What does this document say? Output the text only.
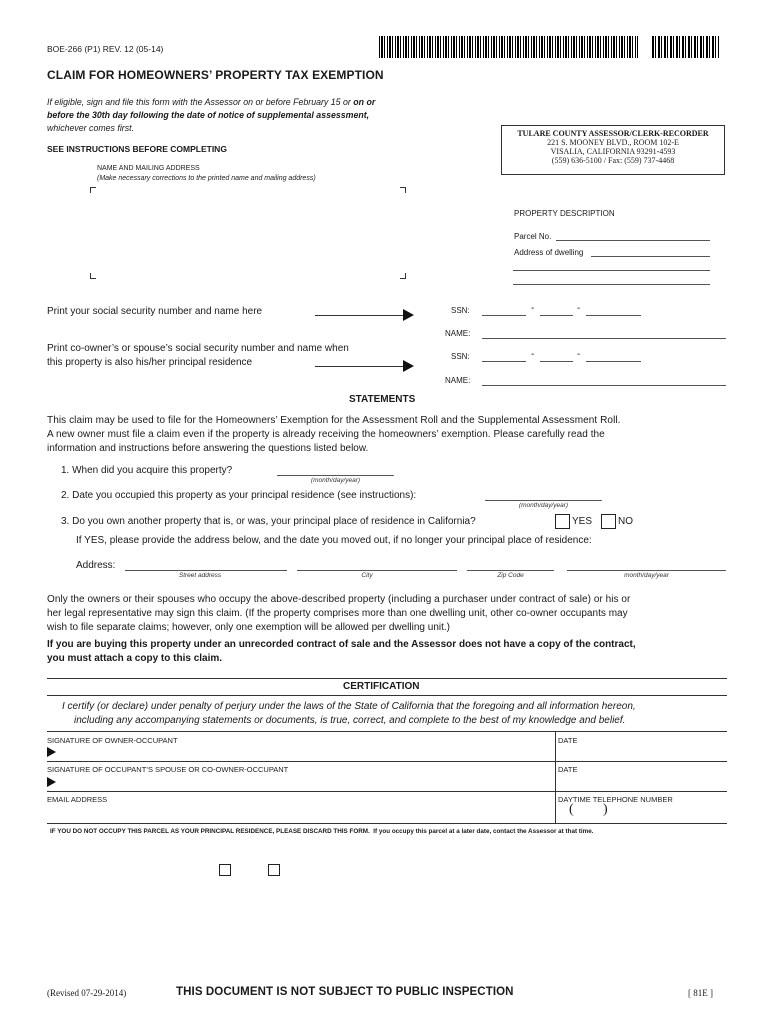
BOE-266 (P1) REV. 12 (05-14)
CLAIM FOR HOMEOWNERS’ PROPERTY TAX EXEMPTION
If eligible, sign and file this form with the Assessor on or before February 15 or on or
before the 30th day following the date of notice of supplemental assessment,
whichever comes first.
SEE INSTRUCTIONS BEFORE COMPLETING
NAME AND MAILING ADDRESS
(Make necessary corrections to the printed name and mailing address)
TULARE COUNTY ASSESSOR/CLERK-RECORDER
221 S. MOONEY BLVD., ROOM 102-E
VISALIA, CALIFORNIA 93291-4593
(559) 636-5100 / Fax: (559) 737-4468
PROPERTY DESCRIPTION
Parcel No.
Address of dwelling
Print your social security number and name here	SSN:	-	-
NAME:
Print co-owner’s or spouse’s social security number and name when
this property is also his/her principal residence
SSN:	-	-
NAME:
STATEMENTS
This claim may be used to file for the Homeowners’ Exemption for the Assessment Roll and the Supplemental Assessment Roll.
A new owner must file a claim even if the property is already receiving the homeowners’ exemption. Please carefully read the
information and instructions before answering the questions listed below.
1. When did you acquire this property?
(month/day/year)
2. Date you occupied this property as your principal residence (see instructions):
(month/day/year)
3. Do you own another property that is, or was, your principal place of residence in California?	YES	NO
If YES, please provide the address below, and the date you moved out, if no longer your principal place of residence:
Address:
Street address	City	Zip Code	month/day/year
Only the owners or their spouses who occupy the above-described property (including a purchaser under contract of sale) or his or
her legal representative may sign this claim. (If the property comprises more than one dwelling unit, other co-owner occupants may
wish to file separate claims; however, only one exemption will be allowed per dwelling unit.)
If you are buying this property under an unrecorded contract of sale and the Assessor does not have a copy of the contract,
you must attach a copy to this claim.
CERTIFICATION
I certify (or declare) under penalty of perjury under the laws of the State of California that the foregoing and all information hereon,
including any accompanying statements or documents, is true, correct, and complete to the best of my knowledge and belief.
SIGNATURE OF OWNER-OCCUPANT	DATE
SIGNATURE OF OCCUPANT’S SPOUSE OR CO-OWNER-OCCUPANT	DATE
EMAIL ADDRESS	DAYTIME TELEPHONE NUMBER
( )
IF YOU DO NOT OCCUPY THIS PARCEL AS YOUR PRINCIPAL RESIDENCE, PLEASE DISCARD THIS FORM. If you occupy this parcel at a later date, contact the Assessor at that time.
(Revised 07-29-2014)	THIS DOCUMENT IS NOT SUBJECT TO PUBLIC INSPECTION	[ 81E ]
